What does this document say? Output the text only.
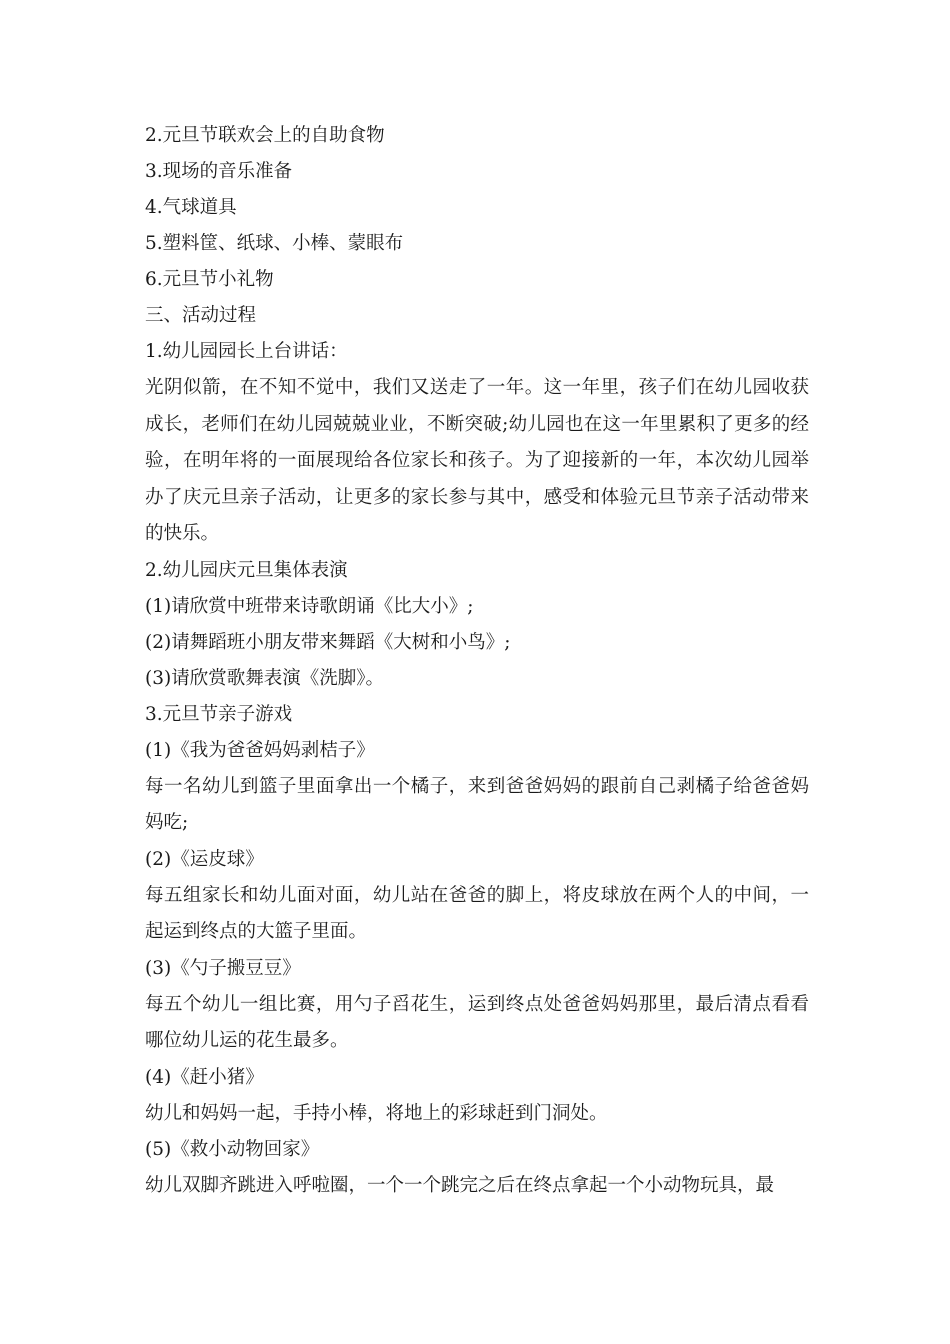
2.元旦节联欢会上的自助食物
3.现场的音乐准备
4.气球道具
5.塑料筐、纸球、小棒、蒙眼布
6.元旦节小礼物
三、活动过程
1.幼儿园园长上台讲话：
光阴似箭，在不知不觉中，我们又送走了一年。这一年里，孩子们在幼儿园收获成长，老师们在幼儿园兢兢业业，不断突破;幼儿园也在这一年里累积了更多的经验，在明年将的一面展现给各位家长和孩子。为了迎接新的一年，本次幼儿园举办了庆元旦亲子活动，让更多的家长参与其中，感受和体验元旦节亲子活动带来的快乐。
2.幼儿园庆元旦集体表演
(1)请欣赏中班带来诗歌朗诵《比大小》;
(2)请舞蹈班小朋友带来舞蹈《大树和小鸟》;
(3)请欣赏歌舞表演《洗脚》。
3.元旦节亲子游戏
(1)《我为爸爸妈妈剥桔子》
每一名幼儿到篮子里面拿出一个橘子，来到爸爸妈妈的跟前自己剥橘子给爸爸妈妈吃;
(2)《运皮球》
每五组家长和幼儿面对面，幼儿站在爸爸的脚上，将皮球放在两个人的中间，一起运到终点的大篮子里面。
(3)《勺子搬豆豆》
每五个幼儿一组比赛，用勺子舀花生，运到终点处爸爸妈妈那里，最后清点看看哪位幼儿运的花生最多。
(4)《赶小猪》
幼儿和妈妈一起，手持小棒，将地上的彩球赶到门洞处。
(5)《救小动物回家》
幼儿双脚齐跳进入呼啦圈，一个一个跳完之后在终点拿起一个小动物玩具，最
